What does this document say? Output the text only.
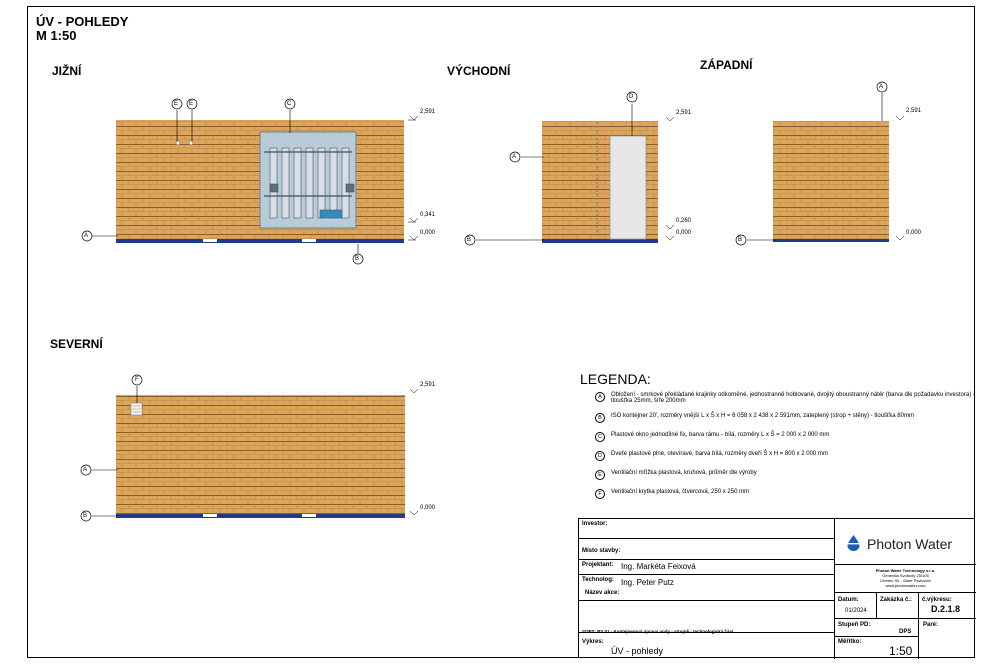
ÚV - POHLEDY
M 1:50
JIŽNÍ	VÝCHODNÍ	ZÁPADNÍ
SEVERNÍ
E E	C
A
B
D
A
B
A
B
F
A
B
2,591
0,341
0,000
2,591
0,260
0,000
2,591
0,000
2,591
0,000
LEGENDA:
A	Obložení - smrkové překládané krajinky odkorněné, jednostranně hoblované, dvojitý oboustranný nátěr (barva dle požadavku investora) - tloušťka 25mm, šíře 200mm
B	ISO kontejner 20', rozměry vnější L x Š x H = 6 058 x 2 438 x 2 591mm, zateplený (strop + stěny) - tloušťka 80mm
C	Plastové okno jednodílné fix, barva rámu - bílá, rozměry L x Š = 2 000 x 2 000 mm
D	Dveře plastové plné, otevíravé, barva bílá, rozměry dveří Š x H = 800 x 2 000 mm
E	Ventilační mřížka plastová, kruhová, průměr dle výroby
F	Ventilační krytka plastová, čtvercová, 250 x 250 mm
Investor:
Místo stavby:
Projektant: Ing. Markéta Feixová
Technolog: Ing. Peter Putz
Název akce:
SOPS: PS 01 - Kontejnerová úprava vody - strojně - technologická část
Výkres:
ÚV - pohledy
Photon Water
Photon Water Technology s.r.o.
Generála Svobody 25/105
Liberec XII - Staré Pavlovice
www.photonwater.com
Datum:
01/2024
Zakázka č.: č.výkresu:
D.2.1.8
Stupeň PD:
DPS
Paré:
Měřítko:
1:50
